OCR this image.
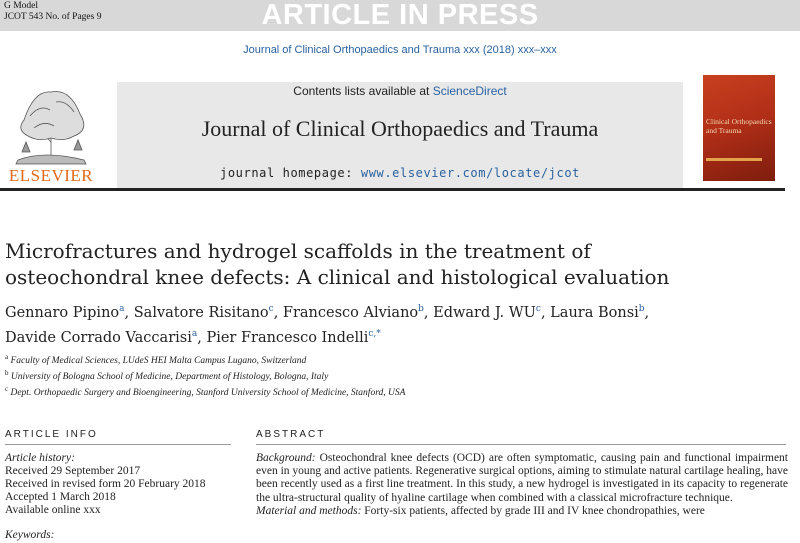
G Model
JCOT 543 No. of Pages 9	ARTICLE IN PRESS
Journal of Clinical Orthopaedics and Trauma xxx (2018) xxx–xxx
ELSEVIER
Contents lists available at ScienceDirect
Journal of Clinical Orthopaedics and Trauma
journal homepage: www.elsevier.com/locate/jcot
Clinical Orthopaedics and Trauma
Microfractures and hydrogel scaffolds in the treatment of
osteochondral knee defects: A clinical and histological evaluation
Gennaro Pipino$^a$, Salvatore Risitano$^c$, Francesco Alviano$^b$, Edward J. $WU^c$, Laura Bonsi$^b$,
Davide Corrado Vaccarisi$^a$, Pier Francesco Indelli$^{c,*}$
$^a$ Faculty of Medical Sciences, LUdeS HEI Malta Campus Lugano, Switzerland
$^b$ University of Bologna School of Medicine, Department of Histology, Bologna, Italy
$^c$ Dept. Orthopaedic Surgery and Bioengineering, Stanford University School of Medicine, Stanford, USA
ARTICLE INFO	ABSTRACT
Article history:
Received 29 September 2017
Received in revised form 20 February 2018
Accepted 1 March 2018
Available online xxx
Keywords:
Background: Osteochondral knee defects (OCD) are often symptomatic, causing pain and functional impairment even in young and active patients. Regenerative surgical options, aiming to stimulate natural cartilage healing, have been recently used as a first line treatment. In this study, a new hydrogel is investigated in its capacity to regenerate the ultra-structural quality of hyaline cartilage when combined with a classical microfracture technique.
Material and methods: Forty-six patients, affected by grade III and IV knee chondropathies, were
